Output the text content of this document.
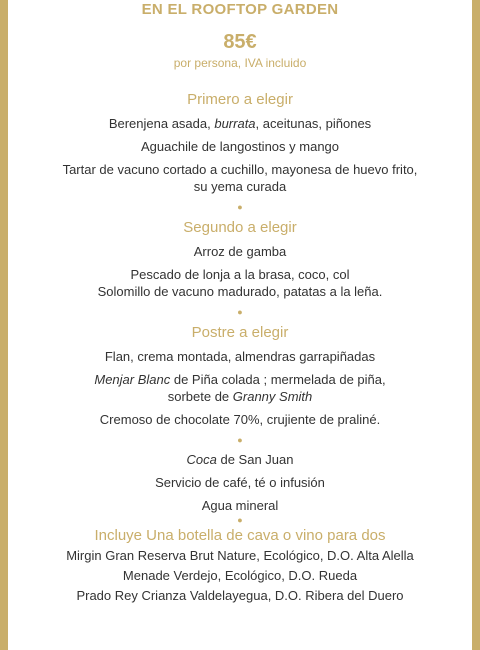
EN EL ROOFTOP GARDEN
85€
por persona, IVA incluido
Primero a elegir
Berenjena asada, burrata, aceitunas, piñones
Aguachile de langostinos y mango
Tartar de vacuno cortado a cuchillo, mayonesa de huevo frito,
su yema curada
●
Segundo a elegir
Arroz de gamba
Pescado de lonja a la brasa, coco, col
Solomillo de vacuno madurado, patatas a la leña.
●
Postre a elegir
Flan, crema montada, almendras garrapiñadas
Menjar Blanc de Piña colada ; mermelada de piña,
sorbete de Granny Smith
Cremoso de chocolate 70%, crujiente de praliné.
●
Coca de San Juan
Servicio de café, té o infusión
Agua mineral
●
Incluye Una botella de cava o vino para dos
Mirgin Gran Reserva Brut Nature, Ecológico, D.O. Alta Alella
Menade Verdejo, Ecológico, D.O. Rueda
Prado Rey Crianza Valdelayegua, D.O. Ribera del Duero
